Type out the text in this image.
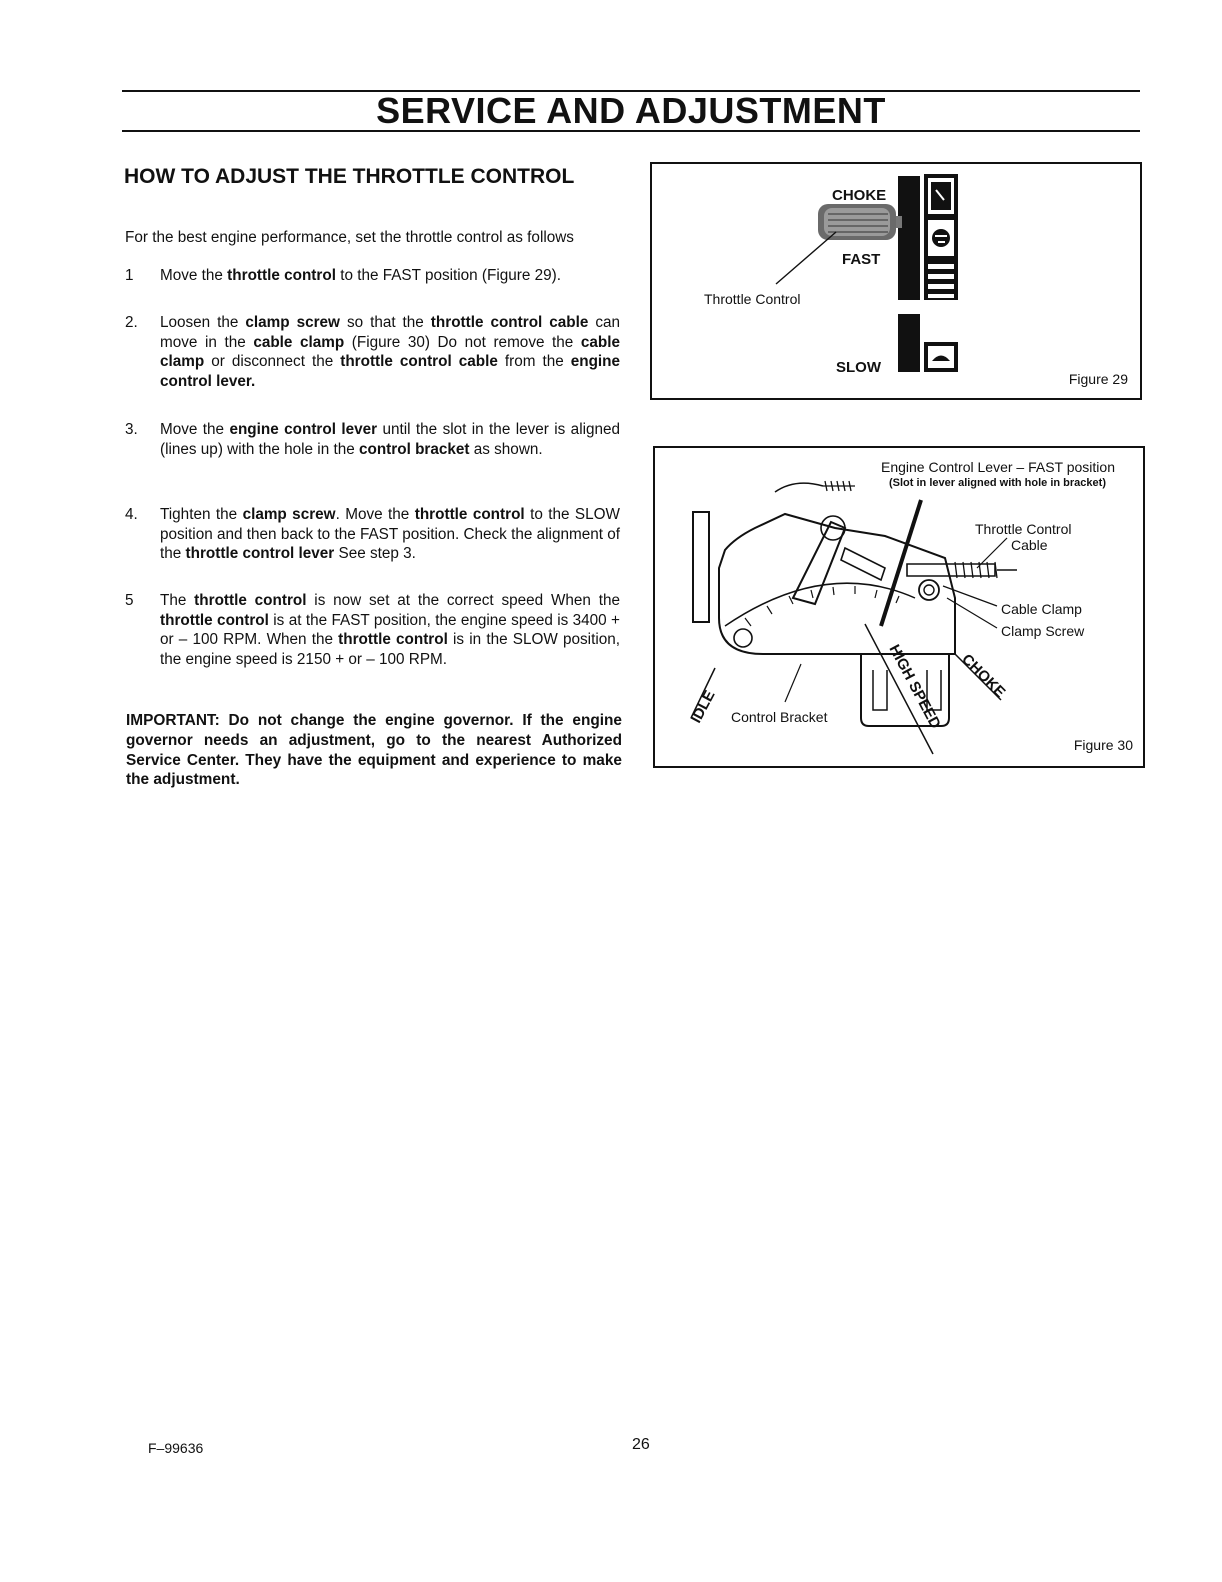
SERVICE AND ADJUSTMENT
HOW TO ADJUST THE THROTTLE CONTROL

For the best engine performance, set the throttle control as follows

1 Move the throttle control to the FAST position (Figure 29).
2. Loosen the clamp screw so that the throttle control cable can move in the cable clamp (Figure 30) Do not remove the cable clamp or disconnect the throttle control cable from the engine control lever.
3. Move the engine control lever until the slot in the lever is aligned (lines up) with the hole in the control bracket as shown.
4. Tighten the clamp screw. Move the throttle control to the SLOW position and then back to the FAST position. Check the alignment of the throttle control lever See step 3.
5 The throttle control is now set at the correct speed When the throttle control is at the FAST position, the engine speed is 3400 + or – 100 RPM. When the throttle control is in the SLOW position, the engine speed is 2150 + or – 100 RPM.

IMPORTANT: Do not change the engine governor. If the engine governor needs an adjustment, go to the nearest Authorized Service Center. They have the equipment and experience to make the adjustment.

CHOKE
FAST
SLOW
Throttle Control
Figure 29
Engine Control Lever – FAST position
(Slot in lever aligned with hole in bracket)
Throttle Control
Cable
Cable Clamp
Clamp Screw
Control Bracket
IDLE	HIGH SPEED CHOKE
Figure 30
F–99636	26
